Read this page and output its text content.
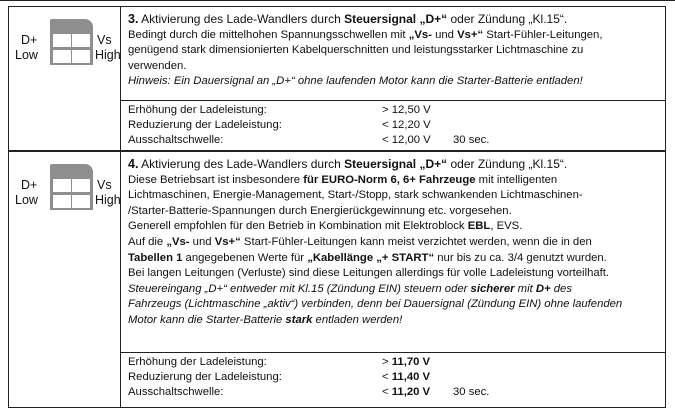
D+
Low
Vs
High

3. Aktivierung des Lade-Wandlers durch Steuersignal „D+“ oder Zündung „Kl.15“.

Bedingt durch die mittelhohen Spannungsschwellen mit „Vs- und Vs+“ Start-Fühler-Leitungen,

genügend stark dimensionierten Kabelquerschnitten und leistungsstarker Lichtmaschine zu

verwenden.

Hinweis: Ein Dauersignal an „D+“ ohne laufenden Motor kann die Starter-Batterie entladen!

Erhöhung der Ladeleistung:	> 12,50 V
Reduzierung der Ladeleistung:	< 12,20 V
Ausschaltschwelle:	< 12,00 V 30 sec.
D+
Low
Vs
High

4. Aktivierung des Lade-Wandlers durch Steuersignal „D+“ oder Zündung „Kl.15“.

Diese Betriebsart ist insbesondere für EURO-Norm 6, 6+ Fahrzeuge mit intelligenten

Lichtmaschinen, Energie-Management, Start-/Stopp, stark schwankenden Lichtmaschinen-

/Starter-Batterie-Spannungen durch Energierückgewinnung etc. vorgesehen.

Generell empfohlen für den Betrieb in Kombination mit Elektroblock EBL, EVS.

Auf die „Vs- und Vs+“ Start-Fühler-Leitungen kann meist verzichtet werden, wenn die in den

Tabellen 1 angegebenen Werte für „Kabellänge „+ START“ nur bis zu ca. 3/4 genutzt wurden.

Bei langen Leitungen (Verluste) sind diese Leitungen allerdings für volle Ladeleistung vorteilhaft.

Steuereingang „D+“ entweder mit Kl.15 (Zündung EIN) steuern oder sicherer mit D+ des

Fahrzeugs (Lichtmaschine „aktiv“) verbinden, denn bei Dauersignal (Zündung EIN) ohne laufenden

Motor kann die Starter-Batterie stark entladen werden!

Erhöhung der Ladeleistung:	> 11,70 V
Reduzierung der Ladeleistung:	< 11,40 V
Ausschaltschwelle:	< 11,20 V 30 sec.
